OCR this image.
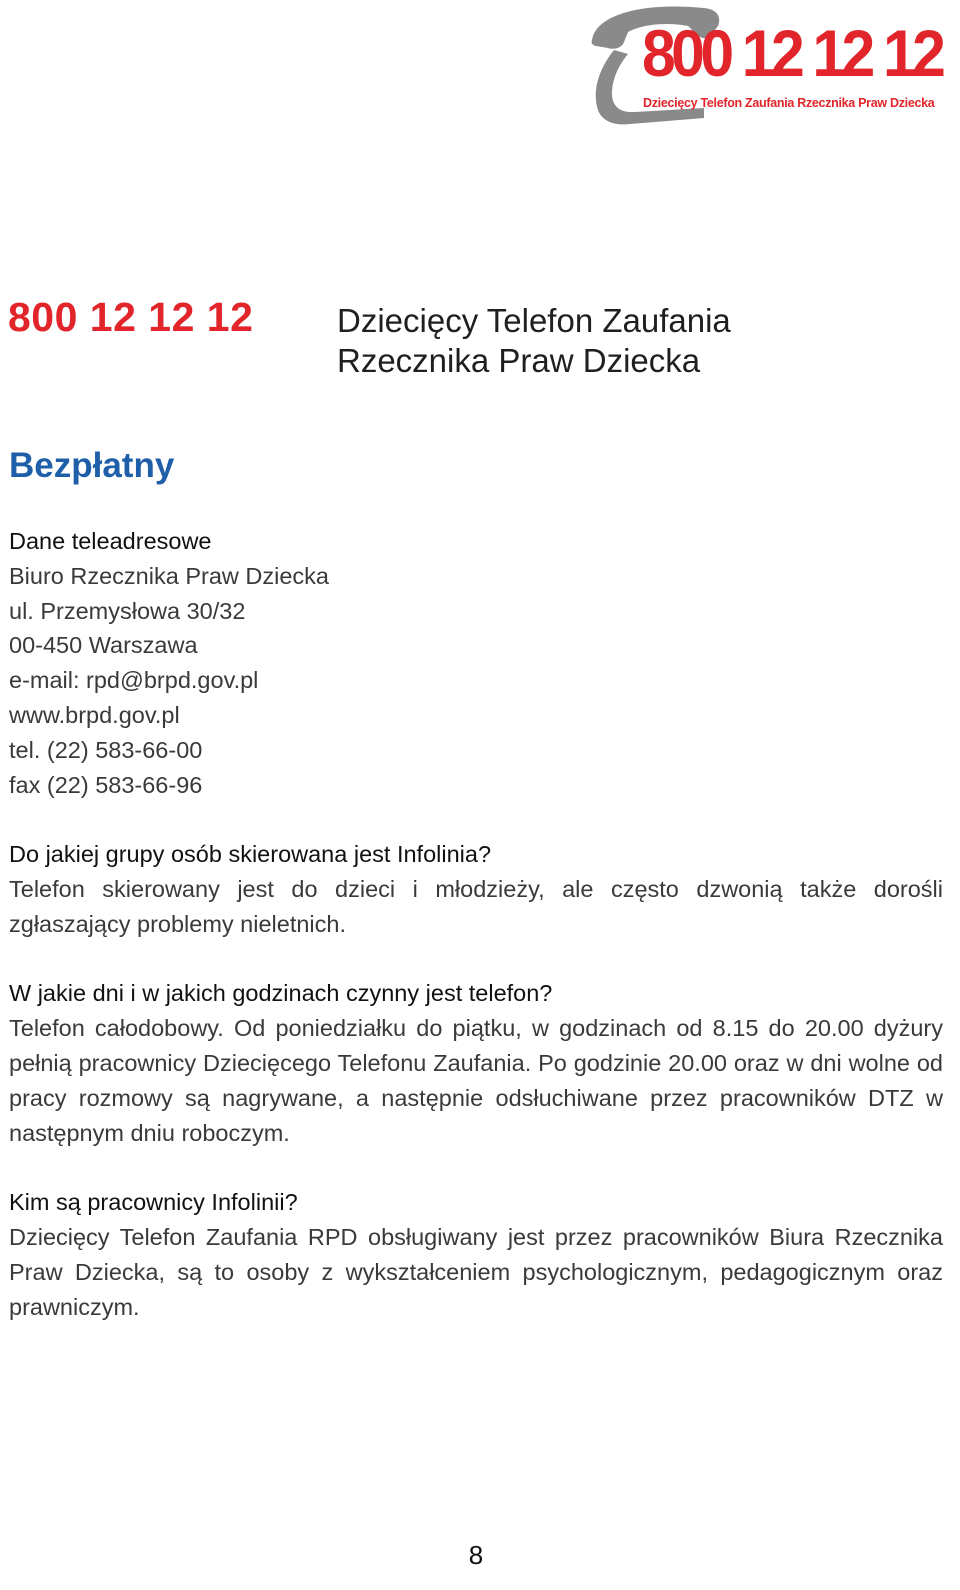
800 12 12 12
Dziecięcy Telefon Zaufania Rzecznika Praw Dziecka
800 12 12 12	Dziecięcy Telefon Zaufania
Rzecznika Praw Dziecka
Bezpłatny
Dane teleadresowe
Biuro Rzecznika Praw Dziecka
ul. Przemysłowa 30/32
00-450 Warszawa
e-mail: rpd@brpd.gov.pl
www.brpd.gov.pl
tel. (22) 583-66-00
fax (22) 583-66-96
Do jakiej grupy osób skierowana jest Infolinia?
Telefon skierowany jest do dzieci i młodzieży, ale często dzwonią także dorośli zgłaszający problemy nieletnich.
W jakie dni i w jakich godzinach czynny jest telefon?
Telefon całodobowy. Od poniedziałku do piątku, w godzinach od 8.15 do 20.00 dyżury pełnią pracownicy Dziecięcego Telefonu Zaufania. Po godzinie 20.00 oraz w dni wolne od pracy rozmowy są nagrywane, a następnie odsłuchiwane przez pracowników DTZ w następnym dniu roboczym.
Kim są pracownicy Infolinii?
Dziecięcy Telefon Zaufania RPD obsługiwany jest przez pracowników Biura Rzecznika Praw Dziecka, są to osoby z wykształceniem psychologicznym, pedagogicznym oraz prawniczym.
8
